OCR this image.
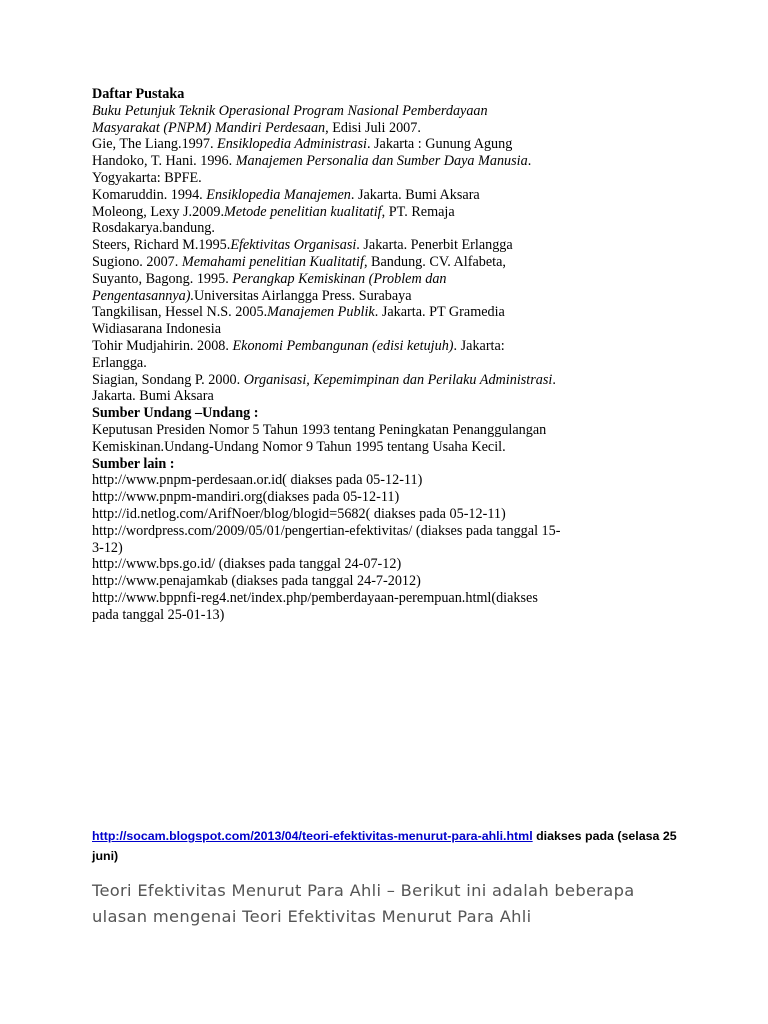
Daftar Pustaka

Buku Petunjuk Teknik Operasional Program Nasional Pemberdayaan

Masyarakat (PNPM) Mandiri Perdesaan, Edisi Juli 2007.

Gie, The Liang.1997. Ensiklopedia Administrasi. Jakarta : Gunung Agung

Handoko, T. Hani. 1996. Manajemen Personalia dan Sumber Daya Manusia.

Yogyakarta: BPFE.

Komaruddin. 1994. Ensiklopedia Manajemen. Jakarta. Bumi Aksara

Moleong, Lexy J.2009.Metode penelitian kualitatif, PT. Remaja

Rosdakarya.bandung.

Steers, Richard M.1995.Efektivitas Organisasi. Jakarta. Penerbit Erlangga

Sugiono. 2007. Memahami penelitian Kualitatif, Bandung. CV. Alfabeta,

Suyanto, Bagong. 1995. Perangkap Kemiskinan (Problem dan

Pengentasannya).Universitas Airlangga Press. Surabaya

Tangkilisan, Hessel N.S. 2005.Manajemen Publik. Jakarta. PT Gramedia

Widiasarana Indonesia

Tohir Mudjahirin. 2008. Ekonomi Pembangunan (edisi ketujuh). Jakarta:

Erlangga.

Siagian, Sondang P. 2000. Organisasi, Kepemimpinan dan Perilaku Administrasi.

Jakarta. Bumi Aksara

Sumber Undang –Undang :

Keputusan Presiden Nomor 5 Tahun 1993 tentang Peningkatan Penanggulangan

Kemiskinan.Undang-Undang Nomor 9 Tahun 1995 tentang Usaha Kecil.

Sumber lain :

http://www.pnpm-perdesaan.or.id( diakses pada 05-12-11)

http://www.pnpm-mandiri.org(diakses pada 05-12-11)

http://id.netlog.com/ArifNoer/blog/blogid=5682( diakses pada 05-12-11)

http://wordpress.com/2009/05/01/pengertian-efektivitas/ (diakses pada tanggal 15-

3-12)

http://www.bps.go.id/ (diakses pada tanggal 24-07-12)

http://www.penajamkab (diakses pada tanggal 24-7-2012)

http://www.bppnfi-reg4.net/index.php/pemberdayaan-perempuan.html(diakses

pada tanggal 25-01-13)

http://socam.blogspot.com/2013/04/teori-efektivitas-menurut-para-ahli.html diakses pada (selasa 25 juni)
Teori Efektivitas Menurut Para Ahli – Berikut ini adalah beberapa
ulasan mengenai Teori Efektivitas Menurut Para Ahli
